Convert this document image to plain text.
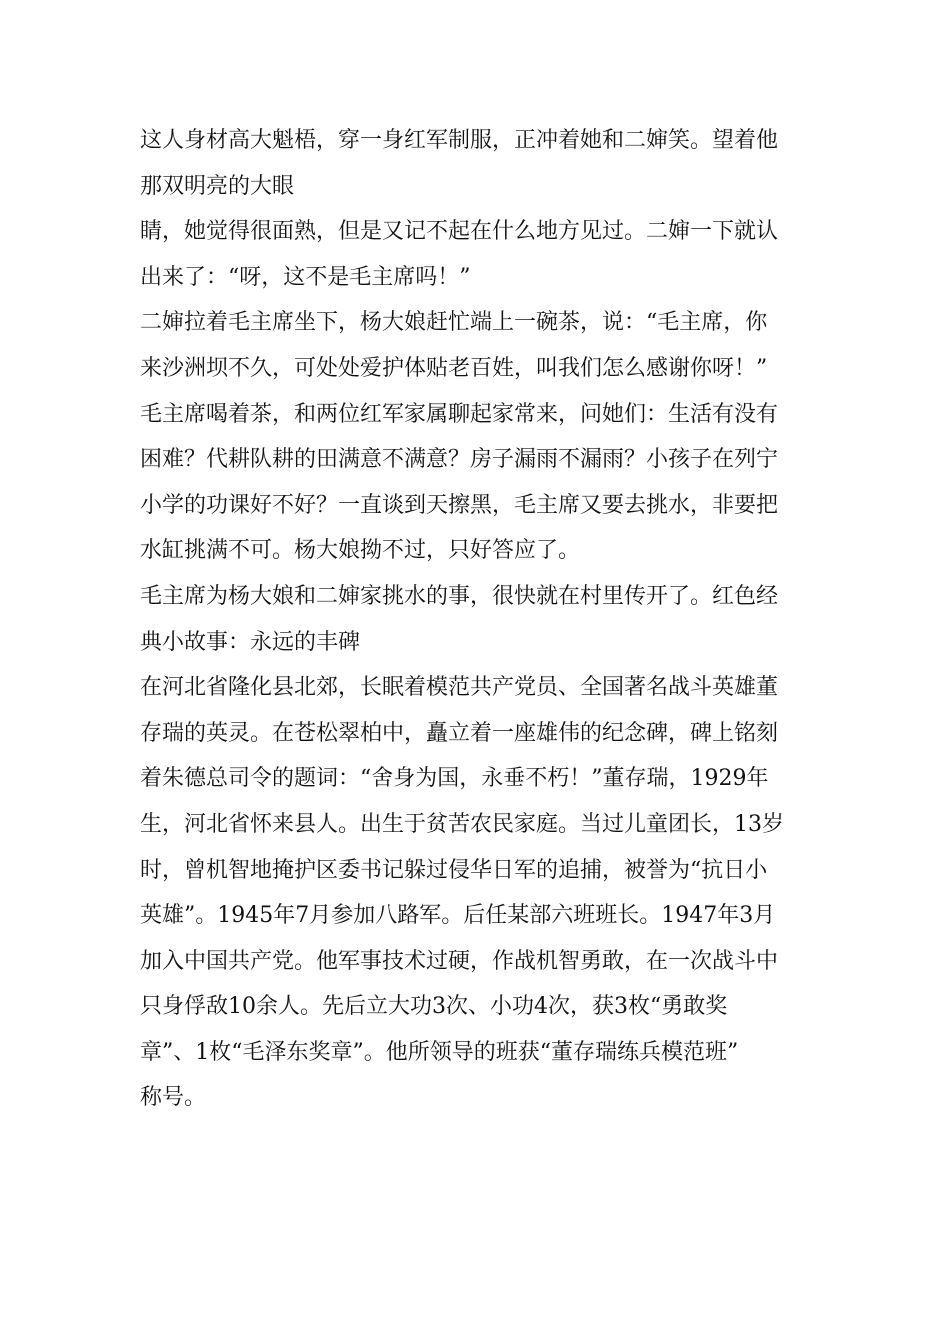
这人身材高大魁梧，穿一身红军制服，正冲着她和二婶笑。望着他
那双明亮的大眼
睛，她觉得很面熟，但是又记不起在什么地方见过。二婶一下就认
出来了：“呀，这不是毛主席吗！”
二婶拉着毛主席坐下，杨大娘赶忙端上一碗茶，说：“毛主席，你
来沙洲坝不久，可处处爱护体贴老百姓，叫我们怎么感谢你呀！”
毛主席喝着茶，和两位红军家属聊起家常来，问她们：生活有没有
困难？代耕队耕的田满意不满意？房子漏雨不漏雨？小孩子在列宁
小学的功课好不好？一直谈到天擦黑，毛主席又要去挑水，非要把
水缸挑满不可。杨大娘拗不过，只好答应了。
毛主席为杨大娘和二婶家挑水的事，很快就在村里传开了。红色经
典小故事：永远的丰碑
在河北省隆化县北郊，长眠着模范共产党员、全国著名战斗英雄董
存瑞的英灵。在苍松翠柏中，矗立着一座雄伟的纪念碑，碑上铭刻
着朱德总司令的题词：“舍身为国，永垂不朽！”董存瑞，1929年
生，河北省怀来县人。出生于贫苦农民家庭。当过儿童团长，13岁
时，曾机智地掩护区委书记躲过侵华日军的追捕，被誉为“抗日小
英雄”。1945年7月参加八路军。后任某部六班班长。1947年3月
加入中国共产党。他军事技术过硬，作战机智勇敢，在一次战斗中
只身俘敌10余人。先后立大功3次、小功4次，获3枚“勇敢奖
章”、1枚“毛泽东奖章”。他所领导的班获“董存瑞练兵模范班”
称号。
